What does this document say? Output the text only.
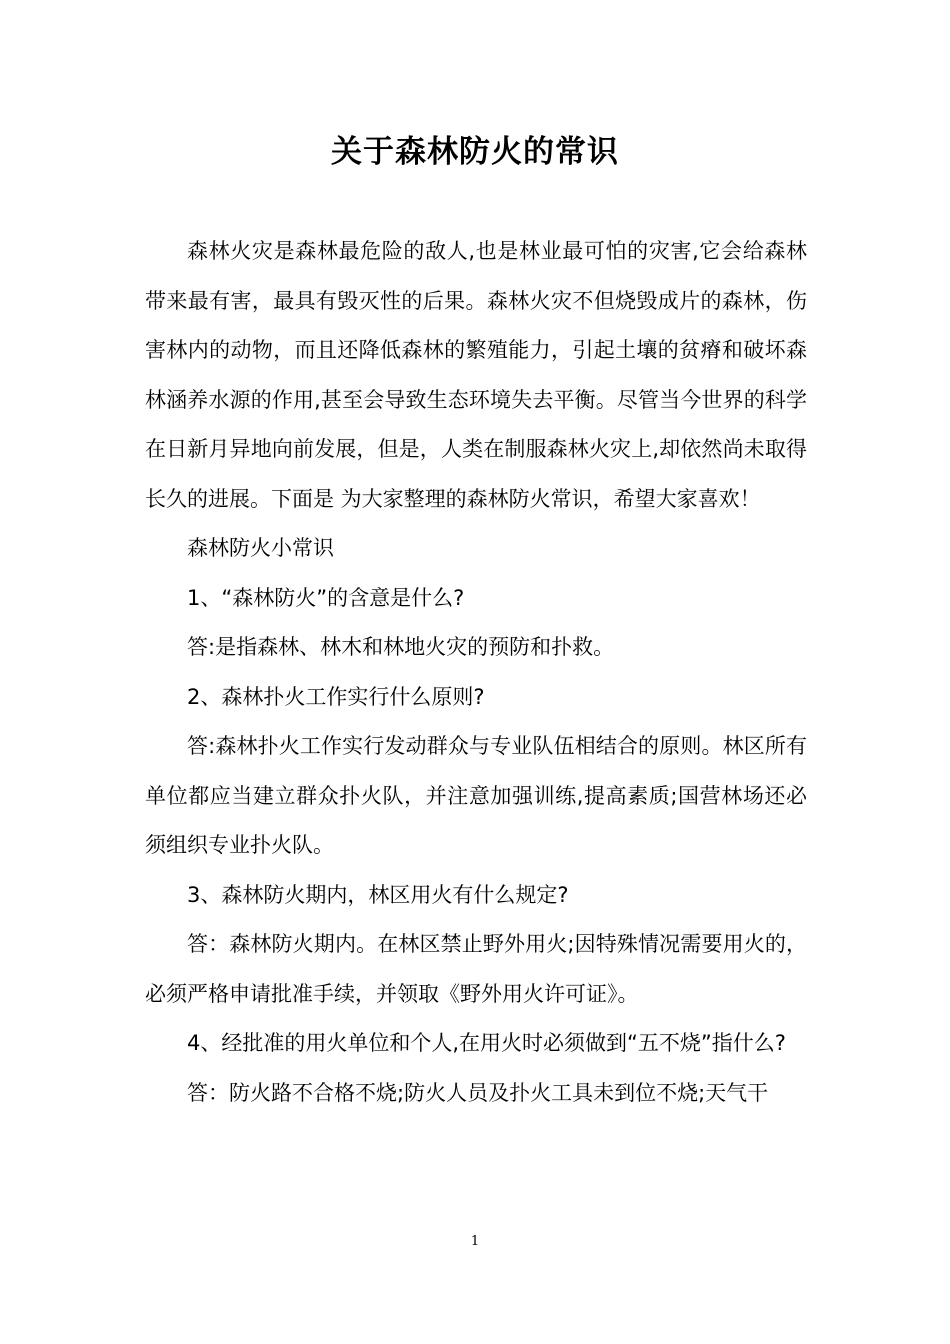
关于森林防火的常识

森林火灾是森林最危险的敌人,也是林业最可怕的灾害,它会给森林带来最有害，最具有毁灭性的后果。森林火灾不但烧毁成片的森林，伤害林内的动物，而且还降低森林的繁殖能力，引起土壤的贫瘠和破坏森林涵养水源的作用,甚至会导致生态环境失去平衡。尽管当今世界的科学在日新月异地向前发展，但是，人类在制服森林火灾上,却依然尚未取得长久的进展。下面是 为大家整理的森林防火常识，希望大家喜欢！

森林防火小常识

1、“森林防火”的含意是什么?

答:是指森林、林木和林地火灾的预防和扑救。

2、森林扑火工作实行什么原则?

答:森林扑火工作实行发动群众与专业队伍相结合的原则。林区所有单位都应当建立群众扑火队，并注意加强训练,提高素质;国营林场还必须组织专业扑火队。

3、森林防火期内，林区用火有什么规定?

答：森林防火期内。在林区禁止野外用火;因特殊情况需要用火的，必须严格申请批准手续，并领取《野外用火许可证》。

4、经批准的用火单位和个人,在用火时必须做到“五不烧”指什么?

答：防火路不合格不烧;防火人员及扑火工具未到位不烧;天气干

1
